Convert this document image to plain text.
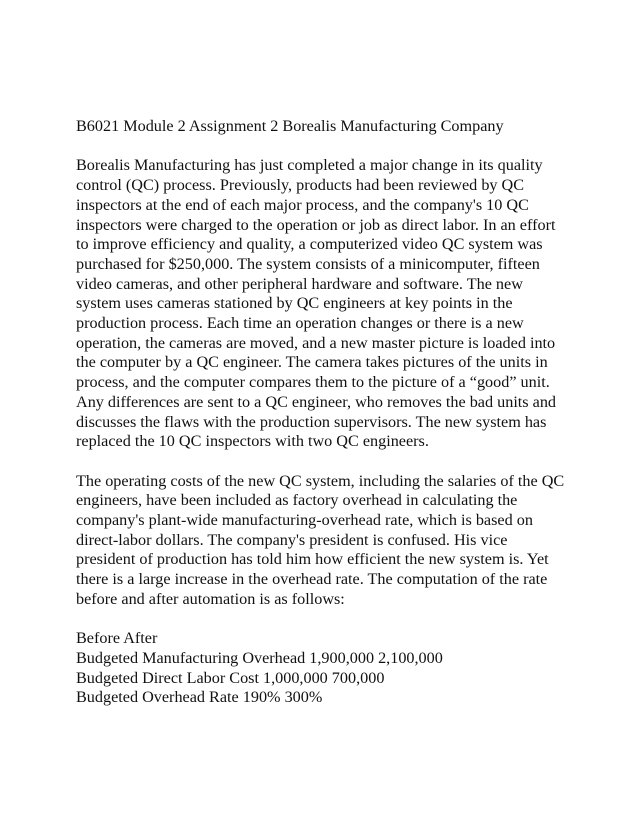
B6021 Module 2 Assignment 2 Borealis Manufacturing Company

Borealis Manufacturing has just completed a major change in its quality control (QC) process. Previously, products had been reviewed by QC inspectors at the end of each major process, and the company's 10 QC inspectors were charged to the operation or job as direct labor. In an effort to improve efficiency and quality, a computerized video QC system was purchased for $250,000. The system consists of a minicomputer, fifteen video cameras, and other peripheral hardware and software. The new system uses cameras stationed by QC engineers at key points in the production process. Each time an operation changes or there is a new operation, the cameras are moved, and a new master picture is loaded into the computer by a QC engineer. The camera takes pictures of the units in process, and the computer compares them to the picture of a “good” unit. Any differences are sent to a QC engineer, who removes the bad units and discusses the flaws with the production supervisors. The new system has replaced the 10 QC inspectors with two QC engineers.

The operating costs of the new QC system, including the salaries of the QC engineers, have been included as factory overhead in calculating the company's plant-wide manufacturing-overhead rate, which is based on direct-labor dollars. The company's president is confused. His vice president of production has told him how efficient the new system is. Yet there is a large increase in the overhead rate. The computation of the rate before and after automation is as follows:

Before After

Budgeted Manufacturing Overhead 1,900,000 2,100,000

Budgeted Direct Labor Cost 1,000,000 700,000

Budgeted Overhead Rate 190% 300%
